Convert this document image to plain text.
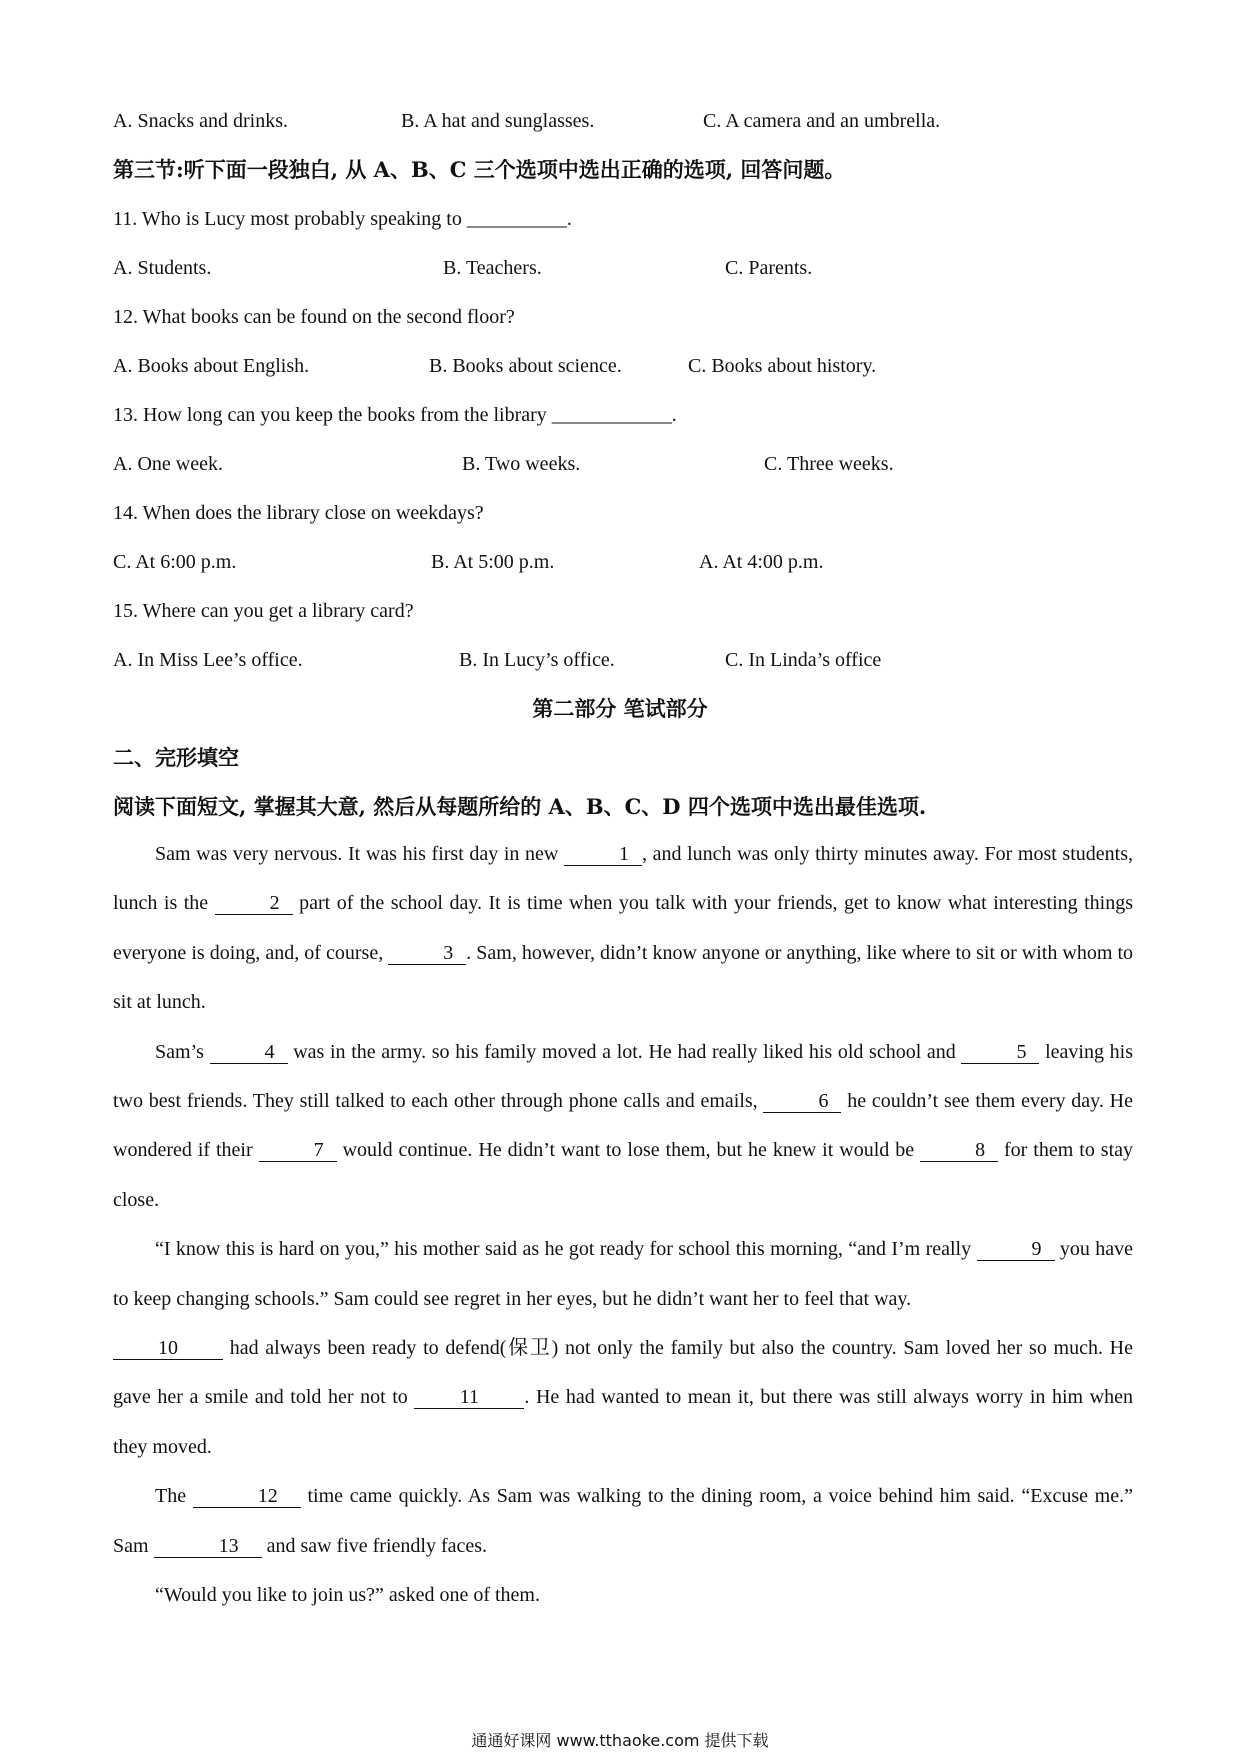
A. Snacks and drinks.	B. A hat and sunglasses.	C. A camera and an umbrella.
第三节:听下面一段独白, 从 A、B、C 三个选项中选出正确的选项, 回答问题。
11. Who is Lucy most probably speaking to __________.
A. Students.	B. Teachers.	C. Parents.
12. What books can be found on the second floor?
A. Books about English.	B. Books about science.	C. Books about history.
13. How long can you keep the books from the library ____________.
A. One week.	B. Two weeks.	C. Three weeks.
14. When does the library close on weekdays?
C. At 6:00 p.m.	B. At 5:00 p.m.	A. At 4:00 p.m.
15. Where can you get a library card?
A. In Miss Lee’s office.	B. In Lucy’s office.	C. In Linda’s office
第二部分 笔试部分
二、完形填空
阅读下面短文, 掌握其大意, 然后从每题所给的 A、B、C、D 四个选项中选出最佳选项.

Sam was very nervous. It was his first day in new	1 , and lunch was only thirty minutes away. For most students, lunch is the	2 part of the school day. It is time when you talk with your friends, get to know what interesting things everyone is doing, and, of course,	3 . Sam, however, didn’t know anyone or anything, like where to sit or with whom to sit at lunch.

Sam’s	4 was in the army. so his family moved a lot. He had really liked his old school and	5 leaving his two best friends. They still talked to each other through phone calls and emails,	6 he couldn’t see them every day. He wondered if their	7 would continue. He didn’t want to lose them, but he knew it would be	8 for them to stay close.

“I know this is hard on you,” his mother said as he got ready for school this morning, “and I’m really	9 you have to keep changing schools.” Sam could see regret in her eyes, but he didn’t want her to feel that way.

10 had always been ready to defend(保卫) not only the family but also the country. Sam loved her so much. He gave her a smile and told her not to 11 . He had wanted to mean it, but there was still always worry in him when they moved.

The	12 time came quickly. As Sam was walking to the dining room, a voice behind him said. “Excuse me.” Sam	13 and saw five friendly faces.

“Would you like to join us?” asked one of them.

通通好课网 www.tthaoke.com 提供下载
